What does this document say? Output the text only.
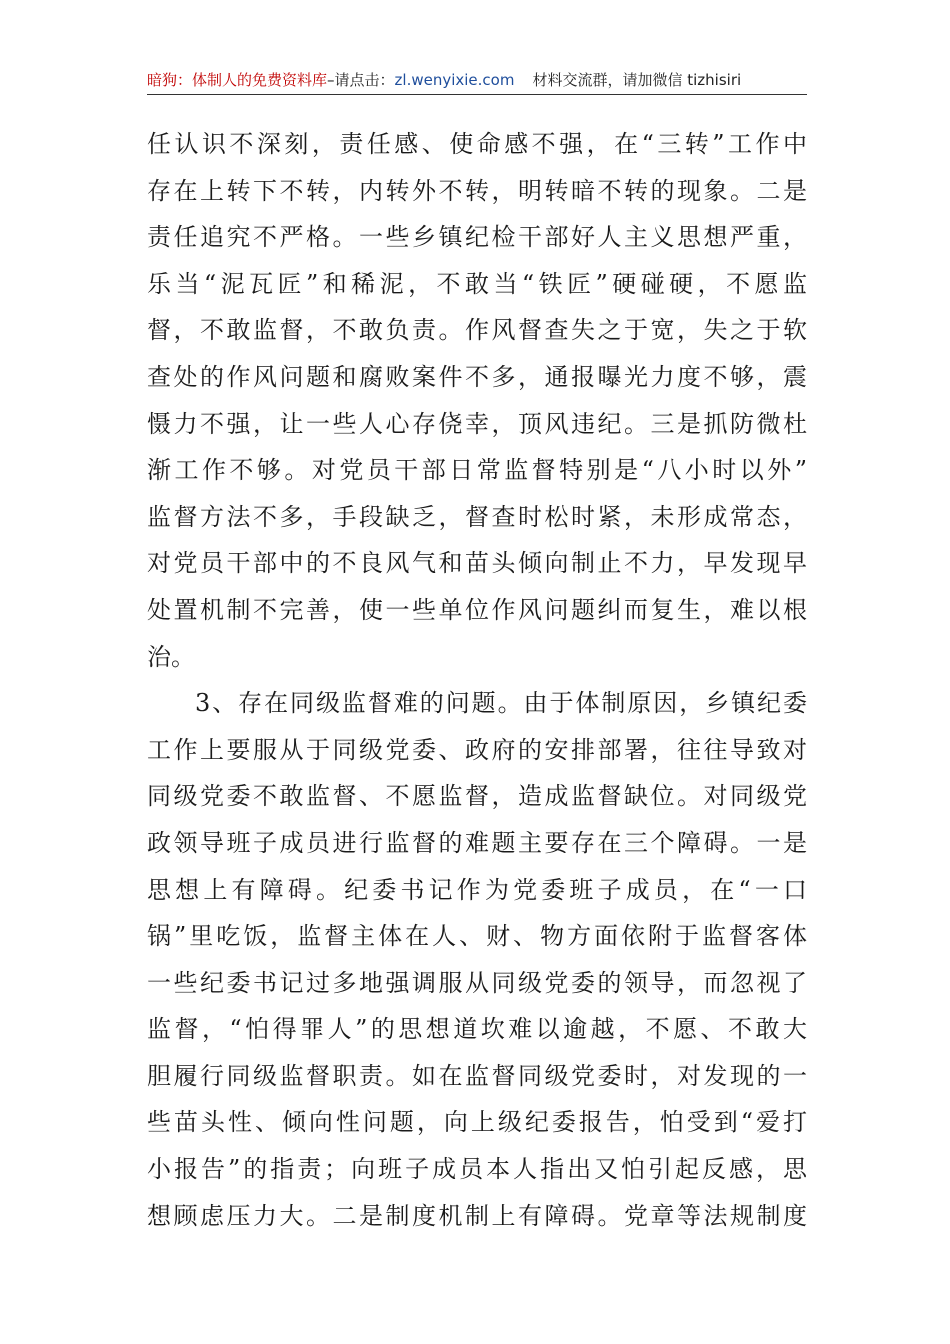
暗狗：体制人的免费资料库–请点击：zl.wenyixie.com 材料交流群，请加微信 tizhisiri
任认识不深刻，责任感、使命感不强，在“三转”工作中
存在上转下不转，内转外不转，明转暗不转的现象。二是
责任追究不严格。一些乡镇纪检干部好人主义思想严重，
乐当“泥瓦匠”和稀泥，不敢当“铁匠”硬碰硬，不愿监
督，不敢监督，不敢负责。作风督查失之于宽，失之于软
查处的作风问题和腐败案件不多，通报曝光力度不够，震
慑力不强，让一些人心存侥幸，顶风违纪。三是抓防微杜
渐工作不够。对党员干部日常监督特别是“八小时以外”
监督方法不多，手段缺乏，督查时松时紧，未形成常态，
对党员干部中的不良风气和苗头倾向制止不力，早发现早
处置机制不完善，使一些单位作风问题纠而复生，难以根
治。
3、存在同级监督难的问题。由于体制原因，乡镇纪委
工作上要服从于同级党委、政府的安排部署，往往导致对
同级党委不敢监督、不愿监督，造成监督缺位。对同级党
政领导班子成员进行监督的难题主要存在三个障碍。一是
思想上有障碍。纪委书记作为党委班子成员，在“一口
锅”里吃饭，监督主体在人、财、物方面依附于监督客体
一些纪委书记过多地强调服从同级党委的领导，而忽视了
监督，“怕得罪人”的思想道坎难以逾越，不愿、不敢大
胆履行同级监督职责。如在监督同级党委时，对发现的一
些苗头性、倾向性问题，向上级纪委报告，怕受到“爱打
小报告”的指责；向班子成员本人指出又怕引起反感，思
想顾虑压力大。二是制度机制上有障碍。党章等法规制度
